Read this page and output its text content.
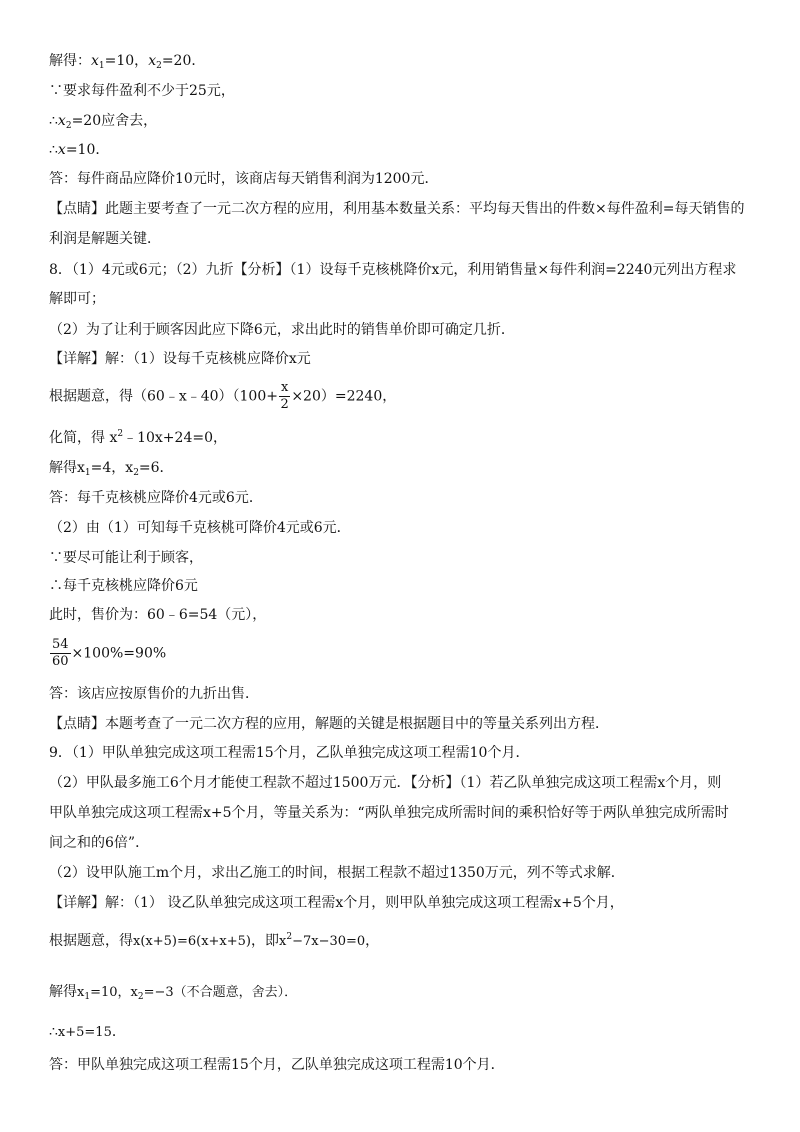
解得：$x_1=10$，$x_2=20$．
∵要求每件盈利不少于25元，
$\therefore x_2=20$应舍去，
∴x=10．
答：每件商品应降价10元时，该商店每天销售利润为1200元．
【点睛】此题主要考查了一元二次方程的应用，利用基本数量关系：平均每天售出的件数×每件盈利=每天销售的
利润是解题关键．
8．（1）4元或6元；（2）九折【分析】（1）设每千克核桃降价x元，利用销售量×每件利润=2240元列出方程求
解即可；
（2）为了让利于顾客因此应下降6元，求出此时的销售单价即可确定几折．
【详解】解：（1）设每千克核桃应降价x元
根据题意，得（60﹣x﹣40）（100+ $\frac{x}{2} \times 20)=2240$，
化简，得 $x^2﹣10x+24=0$，
解得$x_1=4$，$x_2=6$．
答：每千克核桃应降价4元或6元．
（2）由（1）可知每千克核桃可降价4元或6元．
∵要尽可能让利于顾客，
∴每千克核桃应降价6元
此时，售价为：60﹣6=54（元），
$\frac{54}{60} \times 100\%=90\%$
答：该店应按原售价的九折出售．
【点睛】本题考查了一元二次方程的应用，解题的关键是根据题目中的等量关系列出方程．
9．（1）甲队单独完成这项工程需15个月，乙队单独完成这项工程需10个月．
（2）甲队最多施工6个月才能使工程款不超过1500万元．【分析】（1）若乙队单独完成这项工程需x个月，则
甲队单独完成这项工程需x+5个月，等量关系为：“两队单独完成所需时间的乘积恰好等于两队单独完成所需时
间之和的6倍”．
（2）设甲队施工m个月，求出乙施工的时间，根据工程款不超过1350万元，列不等式求解．
【详解】解：（1） 设乙队单独完成这项工程需x个月，则甲队单独完成这项工程需x+5个月，
根据题意，得x(x+5)=6(x+x+5)，即$x^2-7x-30=0$，
解得$x_1=10$，$x_2=-3$（不合题意，舍去）．
∴x+5=15．
答：甲队单独完成这项工程需15个月，乙队单独完成这项工程需10个月．
